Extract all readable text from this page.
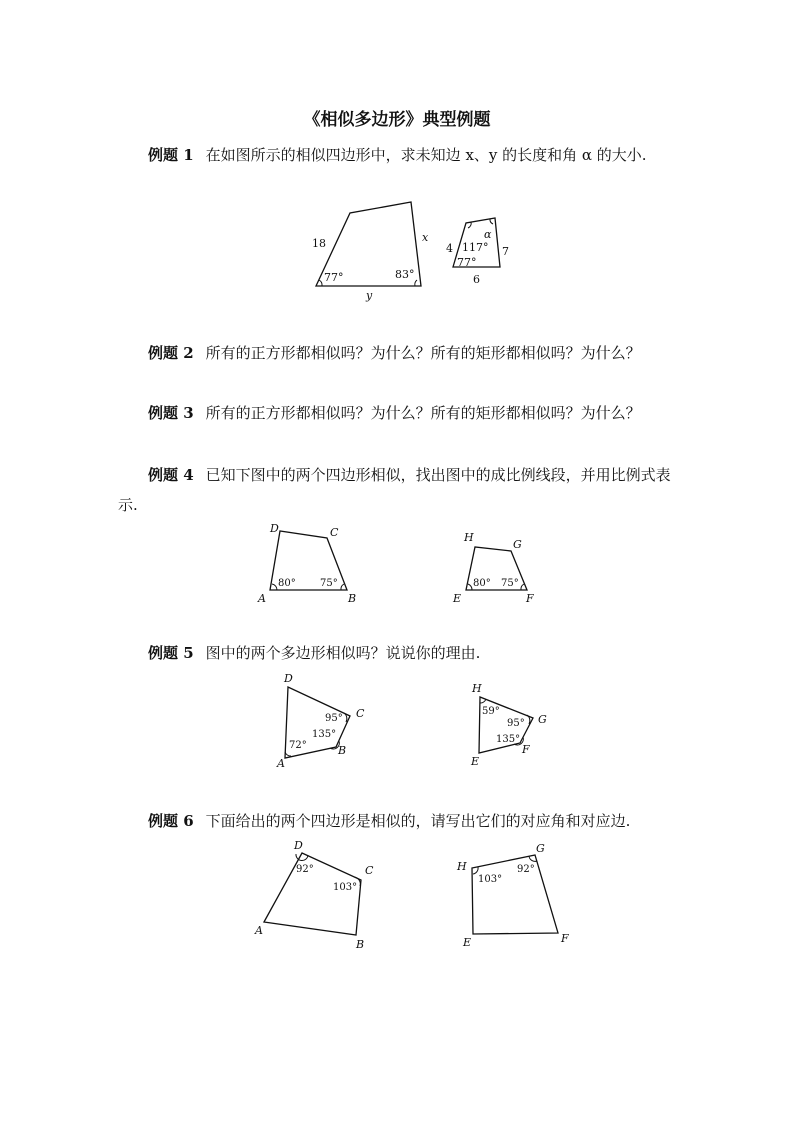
《相似多边形》典型例题
例题 1 在如图所示的相似四边形中，求未知边 x、y 的长度和角 α 的大小.
18	x
y
77°	83°
4	7
6
117°
77°
α
例题 2 所有的正方形都相似吗？为什么？所有的矩形都相似吗？为什么？
例题 3 所有的正方形都相似吗？为什么？所有的矩形都相似吗？为什么？
例题 4 已知下图中的两个四边形相似，找出图中的成比例线段，并用比例式表示.
D	C
A	B
80° 75°
H
G
E	F
80° 75°
例题 5 图中的两个多边形相似吗？说说你的理由.
D
C
B
A
95°
135°
72°
H
G
F
E
59°
95°
135°
例题 6 下面给出的两个四边形是相似的，请写出它们的对应角和对应边.
D
C
A
B
92°
103°
H
G
E	F
103°
92°
